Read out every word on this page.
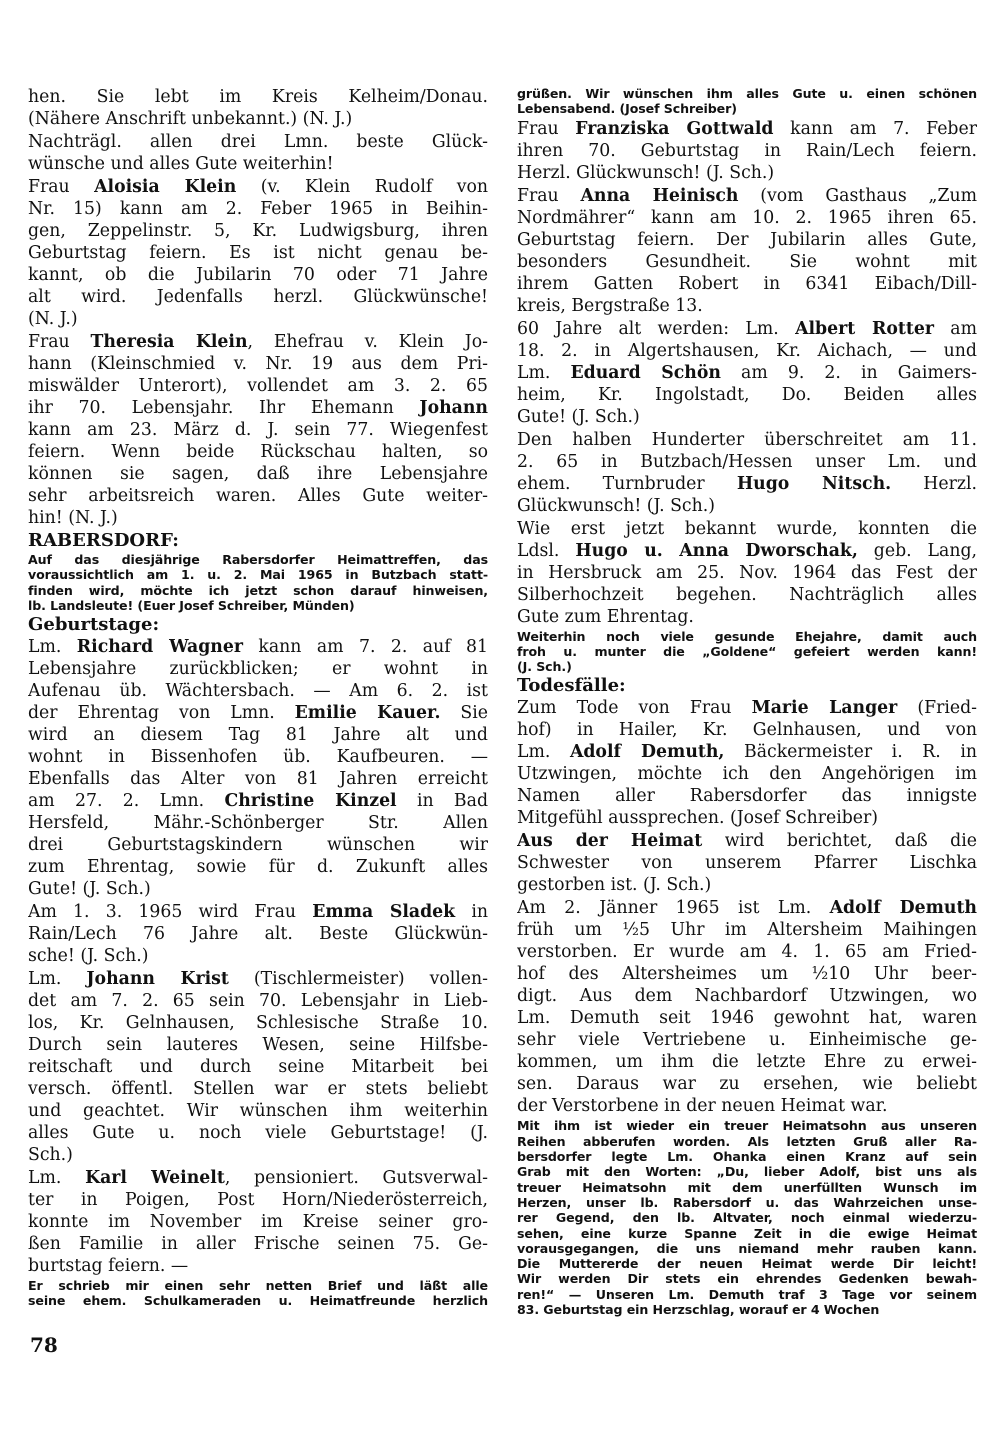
hen. Sie lebt im Kreis Kelheim/Donau.
(Nähere Anschrift unbekannt.) (N. J.)
Nachträgl. allen drei Lmn. beste Glück-
wünsche und alles Gute weiterhin!
Frau Aloisia Klein (v. Klein Rudolf von
Nr. 15) kann am 2. Feber 1965 in Beihin-
gen, Zeppelinstr. 5, Kr. Ludwigsburg, ihren
Geburtstag feiern. Es ist nicht genau be-
kannt, ob die Jubilarin 70 oder 71 Jahre
alt wird. Jedenfalls herzl. Glückwünsche!
(N. J.)
Frau Theresia Klein, Ehefrau v. Klein Jo-
hann (Kleinschmied v. Nr. 19 aus dem Pri-
miswälder Unterort), vollendet am 3. 2. 65
ihr 70. Lebensjahr. Ihr Ehemann Johann
kann am 23. März d. J. sein 77. Wiegenfest
feiern. Wenn beide Rückschau halten, so
können sie sagen, daß ihre Lebensjahre
sehr arbeitsreich waren. Alles Gute weiter-
hin! (N. J.)
RABERSDORF:
Auf das diesjährige Rabersdorfer Heimattreffen, das
voraussichtlich am 1. u. 2. Mai 1965 in Butzbach statt-
finden wird, möchte ich jetzt schon darauf hinweisen,
lb. Landsleute! (Euer Josef Schreiber, Münden)
Geburtstage:
Lm. Richard Wagner kann am 7. 2. auf 81
Lebensjahre zurückblicken; er wohnt in
Aufenau üb. Wächtersbach. — Am 6. 2. ist
der Ehrentag von Lmn. Emilie Kauer. Sie
wird an diesem Tag 81 Jahre alt und
wohnt in Bissenhofen üb. Kaufbeuren. —
Ebenfalls das Alter von 81 Jahren erreicht
am 27. 2. Lmn. Christine Kinzel in Bad
Hersfeld, Mähr.-Schönberger Str. Allen
drei Geburtstagskindern wünschen wir
zum Ehrentag, sowie für d. Zukunft alles
Gute! (J. Sch.)
Am 1. 3. 1965 wird Frau Emma Sladek in
Rain/Lech 76 Jahre alt. Beste Glückwün-
sche! (J. Sch.)
Lm. Johann Krist (Tischlermeister) vollen-
det am 7. 2. 65 sein 70. Lebensjahr in Lieb-
los, Kr. Gelnhausen, Schlesische Straße 10.
Durch sein lauteres Wesen, seine Hilfsbe-
reitschaft und durch seine Mitarbeit bei
versch. öffentl. Stellen war er stets beliebt
und geachtet. Wir wünschen ihm weiterhin
alles Gute u. noch viele Geburtstage! (J.
Sch.)
Lm. Karl Weinelt, pensioniert. Gutsverwal-
ter in Poigen, Post Horn/Niederösterreich,
konnte im November im Kreise seiner gro-
ßen Familie in aller Frische seinen 75. Ge-
burtstag feiern. —
Er schrieb mir einen sehr netten Brief und läßt alle
seine ehem. Schulkameraden u. Heimatfreunde herzlich
grüßen. Wir wünschen ihm alles Gute u. einen schönen
Lebensabend. (Josef Schreiber)
Frau Franziska Gottwald kann am 7. Feber
ihren 70. Geburtstag in Rain/Lech feiern.
Herzl. Glückwunsch! (J. Sch.)
Frau Anna Heinisch (vom Gasthaus „Zum
Nordmährer“ kann am 10. 2. 1965 ihren 65.
Geburtstag feiern. Der Jubilarin alles Gute,
besonders Gesundheit. Sie wohnt mit
ihrem Gatten Robert in 6341 Eibach/Dill-
kreis, Bergstraße 13.
60 Jahre alt werden: Lm. Albert Rotter am
18. 2. in Algertshausen, Kr. Aichach, — und
Lm. Eduard Schön am 9. 2. in Gaimers-
heim, Kr. Ingolstadt, Do. Beiden alles
Gute! (J. Sch.)
Den halben Hunderter überschreitet am 11.
2. 65 in Butzbach/Hessen unser Lm. und
ehem. Turnbruder Hugo Nitsch. Herzl.
Glückwunsch! (J. Sch.)
Wie erst jetzt bekannt wurde, konnten die
Ldsl. Hugo u. Anna Dworschak, geb. Lang,
in Hersbruck am 25. Nov. 1964 das Fest der
Silberhochzeit begehen. Nachträglich alles
Gute zum Ehrentag.
Weiterhin noch viele gesunde Ehejahre, damit auch
froh u. munter die „Goldene“ gefeiert werden kann!
(J. Sch.)
Todesfälle:
Zum Tode von Frau Marie Langer (Fried-
hof) in Hailer, Kr. Gelnhausen, und von
Lm. Adolf Demuth, Bäckermeister i. R. in
Utzwingen, möchte ich den Angehörigen im
Namen aller Rabersdorfer das innigste
Mitgefühl aussprechen. (Josef Schreiber)
Aus der Heimat wird berichtet, daß die
Schwester von unserem Pfarrer Lischka
gestorben ist. (J. Sch.)
Am 2. Jänner 1965 ist Lm. Adolf Demuth
früh um ½5 Uhr im Altersheim Maihingen
verstorben. Er wurde am 4. 1. 65 am Fried-
hof des Altersheimes um ½10 Uhr beer-
digt. Aus dem Nachbardorf Utzwingen, wo
Lm. Demuth seit 1946 gewohnt hat, waren
sehr viele Vertriebene u. Einheimische ge-
kommen, um ihm die letzte Ehre zu erwei-
sen. Daraus war zu ersehen, wie beliebt
der Verstorbene in der neuen Heimat war.
Mit ihm ist wieder ein treuer Heimatsohn aus unseren
Reihen abberufen worden. Als letzten Gruß aller Ra-
bersdorfer legte Lm. Ohanka einen Kranz auf sein
Grab mit den Worten: „Du, lieber Adolf, bist uns als
treuer Heimatsohn mit dem unerfüllten Wunsch im
Herzen, unser lb. Rabersdorf u. das Wahrzeichen unse-
rer Gegend, den lb. Altvater, noch einmal wiederzu-
sehen, eine kurze Spanne Zeit in die ewige Heimat
vorausgegangen, die uns niemand mehr rauben kann.
Die Muttererde der neuen Heimat werde Dir leicht!
Wir werden Dir stets ein ehrendes Gedenken bewah-
ren!“ — Unseren Lm. Demuth traf 3 Tage vor seinem
83. Geburtstag ein Herzschlag, worauf er 4 Wochen
78
